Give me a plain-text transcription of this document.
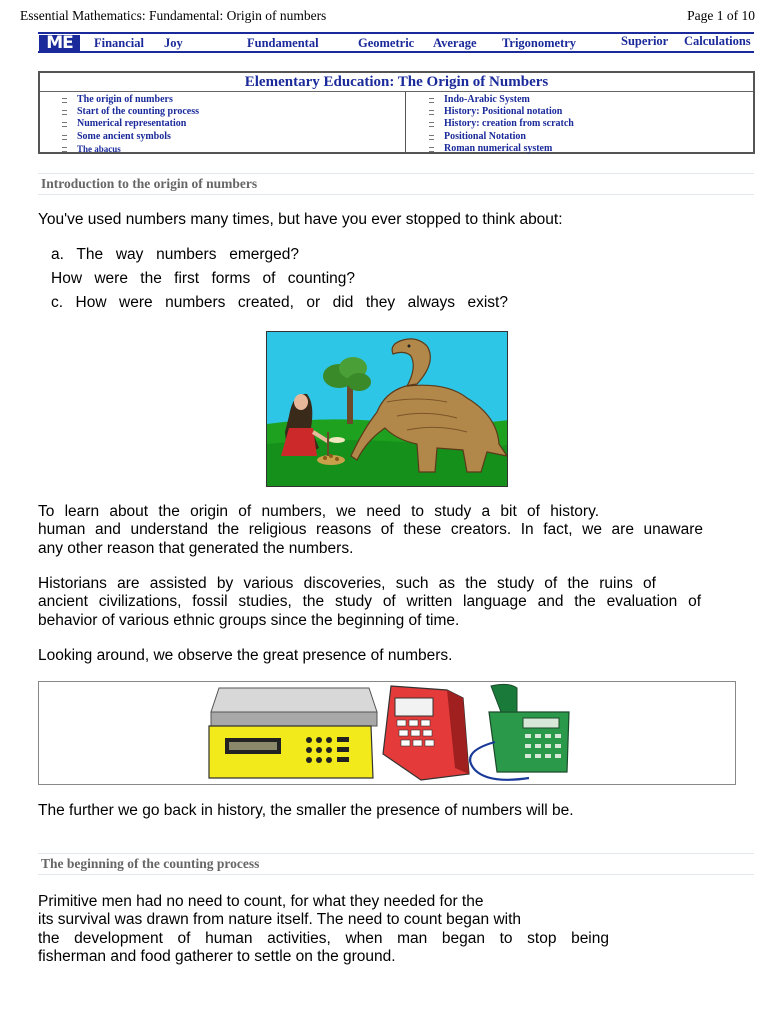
Essential Mathematics: Fundamental: Origin of numbers	Page 1 of 10
ME	Financial Joy	Fundamental	Geometric Average Trigonometry	Superior Calculations
Elementary Education: The Origin of Numbers
The origin of numbers
Start of the counting process
Numerical representation
Some ancient symbols
The abacus
Indo-Arabic System
History: Positional notation
History: creation from scratch
Positional Notation
Roman numerical system
Introduction to the origin of numbers
You've used numbers many times, but have you ever stopped to think about:
a. The way numbers emerged?
How were the first forms of counting?
c. How were numbers created, or did they always exist?
To learn about the origin of numbers, we need to study a bit of history.
human and understand the religious reasons of these creators. In fact, we are unaware
any other reason that generated the numbers.
Historians are assisted by various discoveries, such as the study of the ruins of
ancient civilizations, fossil studies, the study of written language and the evaluation of
behavior of various ethnic groups since the beginning of time.
Looking around, we observe the great presence of numbers.
The further we go back in history, the smaller the presence of numbers will be.
The beginning of the counting process
Primitive men had no need to count, for what they needed for the
its survival was drawn from nature itself. The need to count began with
the development of human activities, when man began to stop being
fisherman and food gatherer to settle on the ground.
